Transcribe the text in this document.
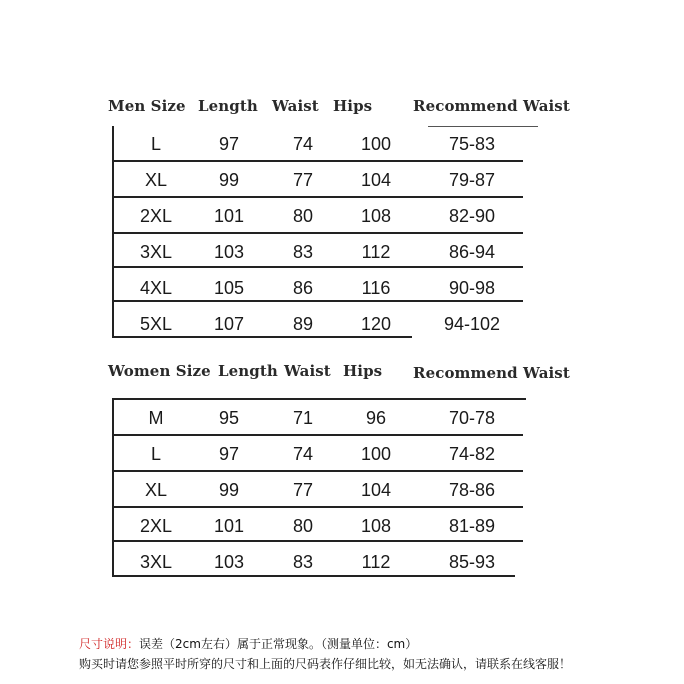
Men Size Length Waist Hips	Recommend Waist
L	97	74	100	75-83
XL	99	77	104	79-87
2XL 101	80	108	82-90
3XL 103	83	112	86-94
4XL 105	86	116	90-98
5XL 107	89	120	94-102
Women Size Length Waist Hips Recommend Waist
M	95	71	96	70-78
L	97	74	100	74-82
XL	99	77	104	78-86
2XL 101	80	108	81-89
3XL 103	83	112	85-93
尺寸说明：误差（2cm左右）属于正常现象。（测量单位：cm）
购买时请您参照平时所穿的尺寸和上面的尺码表作仔细比较，如无法确认，请联系在线客服！
